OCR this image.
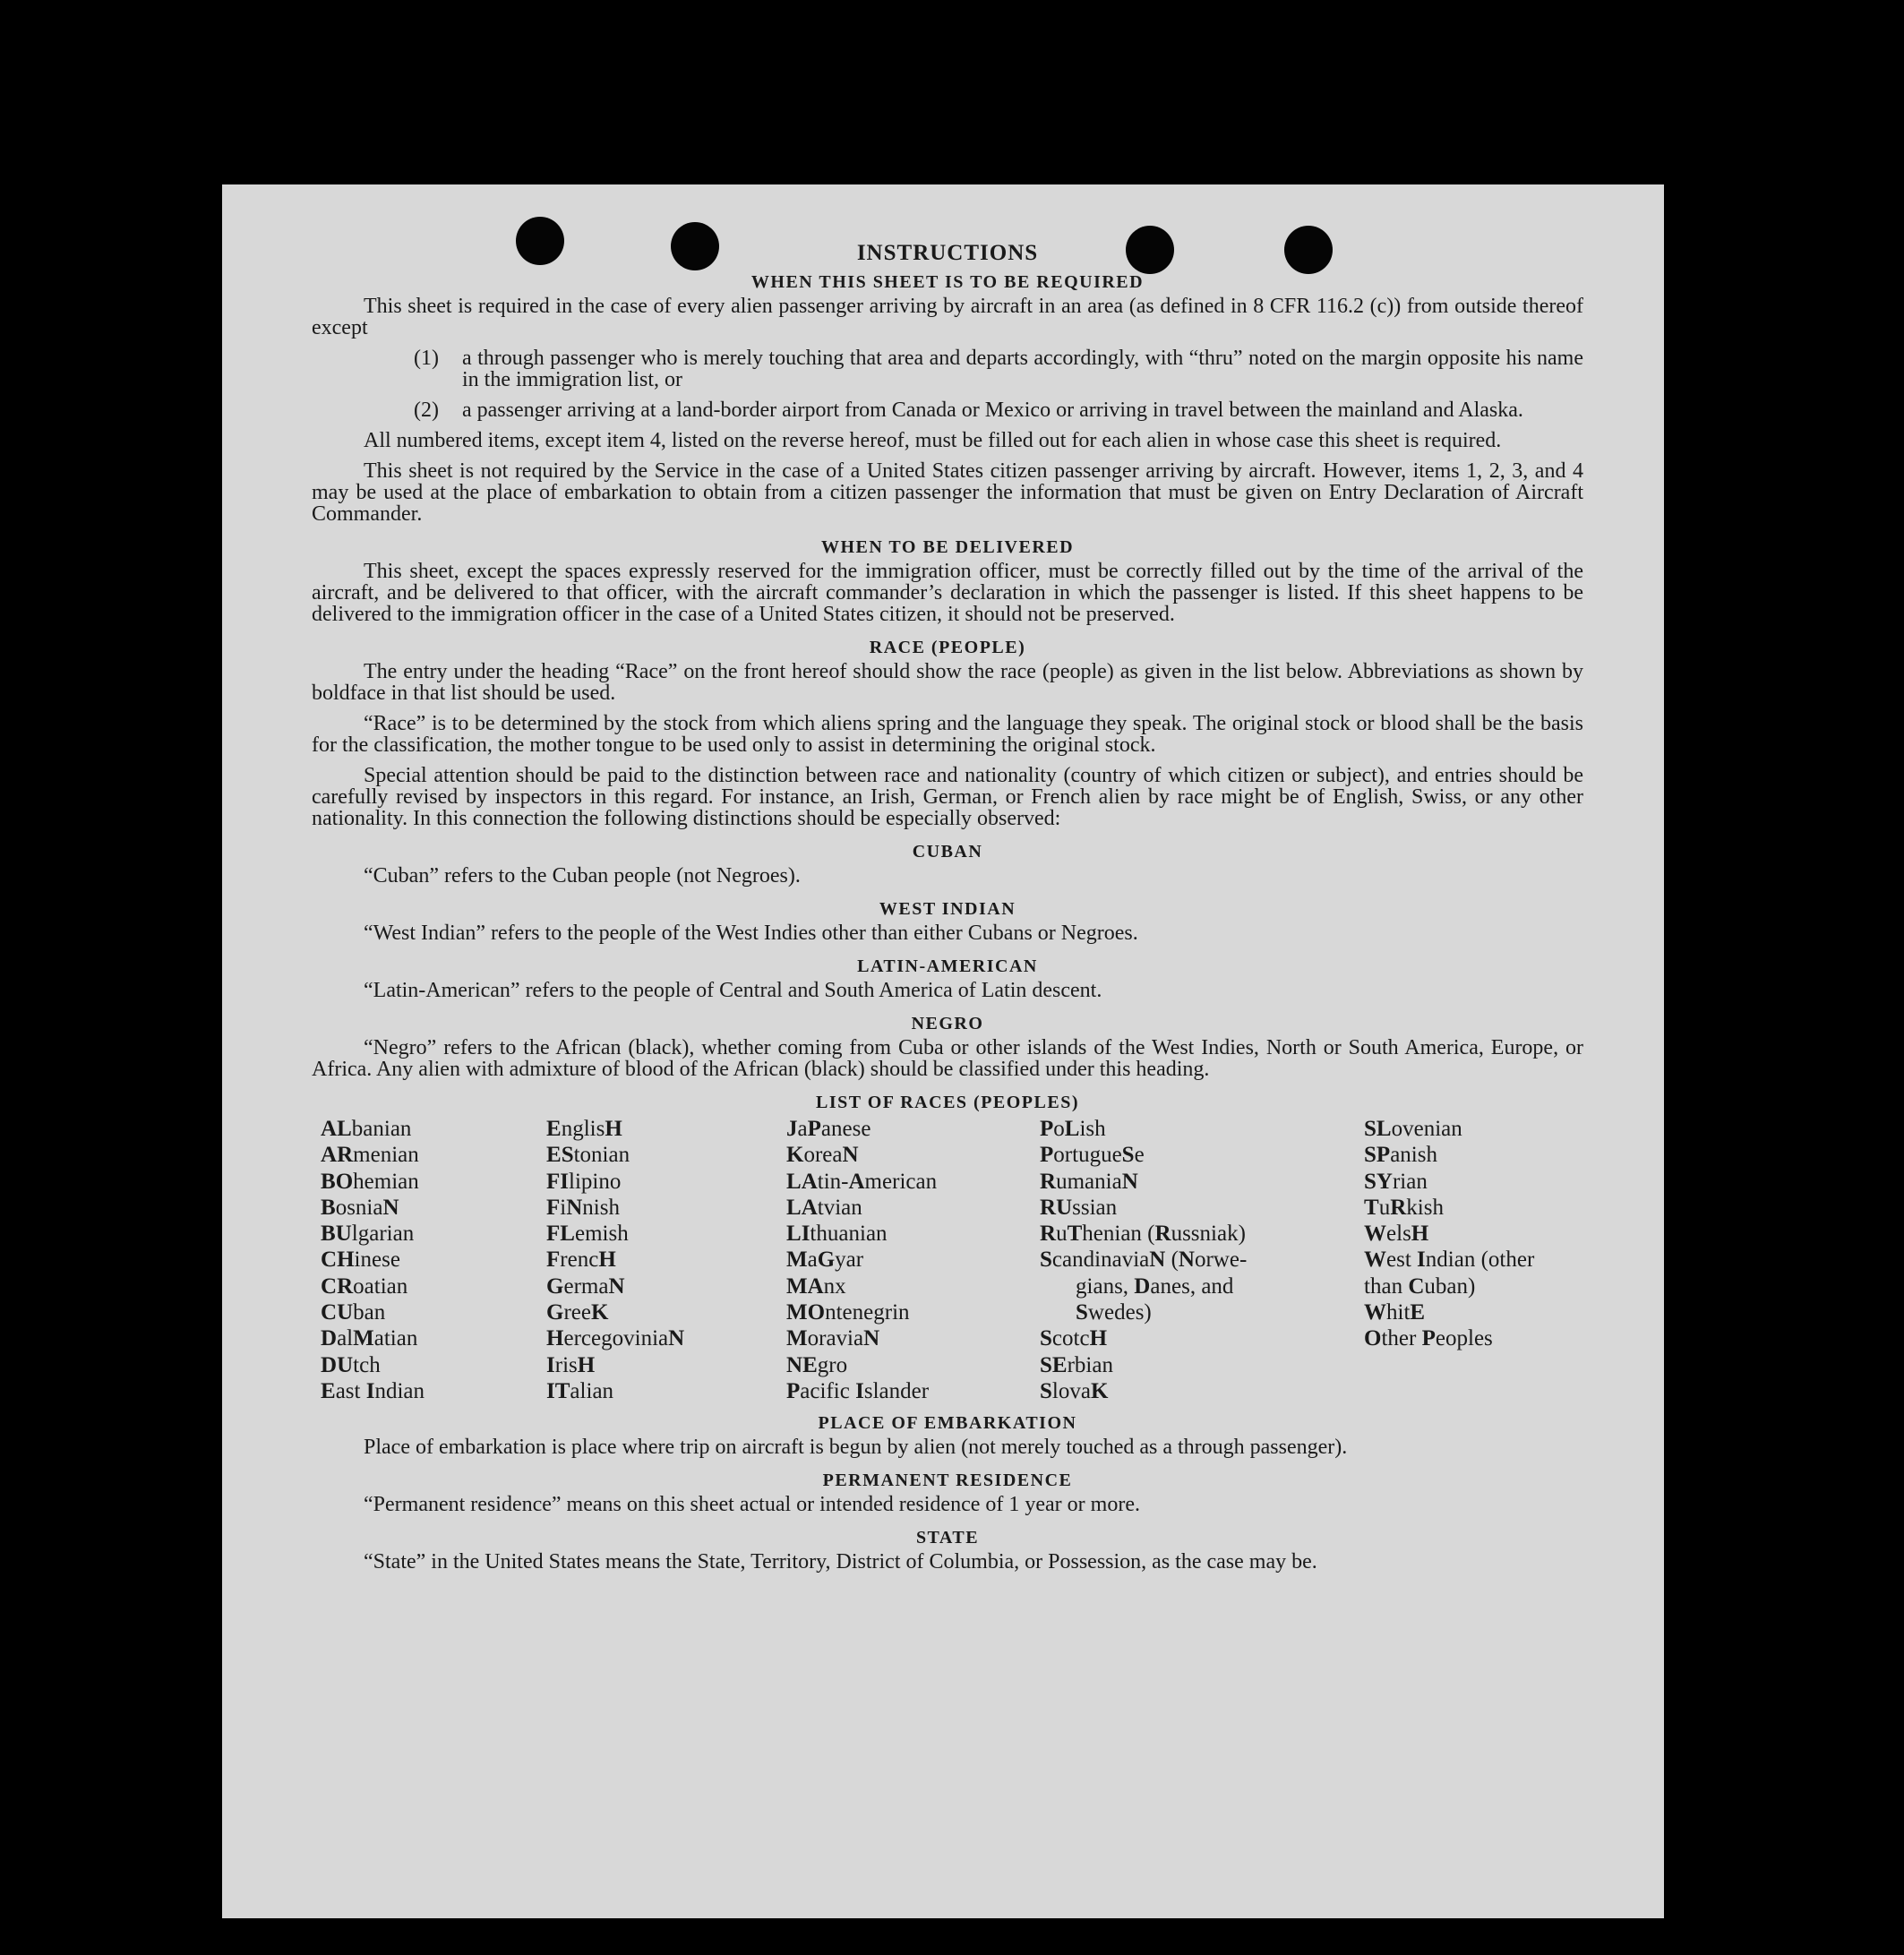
INSTRUCTIONS
WHEN THIS SHEET IS TO BE REQUIRED
This sheet is required in the case of every alien passenger arriving by aircraft in an area (as defined in 8 CFR 116.2 (c)) from outside thereof except
(1)	a through passenger who is merely touching that area and departs accordingly, with “thru” noted on the margin opposite his name in the immigration list, or
(2)	a passenger arriving at a land-border airport from Canada or Mexico or arriving in travel between the mainland and Alaska.
All numbered items, except item 4, listed on the reverse hereof, must be filled out for each alien in whose case this sheet is required.
This sheet is not required by the Service in the case of a United States citizen passenger arriving by aircraft. However, items 1, 2, 3, and 4 may be used at the place of embarkation to obtain from a citizen passenger the information that must be given on Entry Declaration of Aircraft Commander.
WHEN TO BE DELIVERED
This sheet, except the spaces expressly reserved for the immigration officer, must be correctly filled out by the time of the arrival of the aircraft, and be delivered to that officer, with the aircraft commander’s declaration in which the passenger is listed. If this sheet happens to be delivered to the immigration officer in the case of a United States citizen, it should not be preserved.
RACE (PEOPLE)
The entry under the heading “Race” on the front hereof should show the race (people) as given in the list below. Abbreviations as shown by boldface in that list should be used.
“Race” is to be determined by the stock from which aliens spring and the language they speak. The original stock or blood shall be the basis for the classification, the mother tongue to be used only to assist in determining the original stock.
Special attention should be paid to the distinction between race and nationality (country of which citizen or subject), and entries should be carefully revised by inspectors in this regard. For instance, an Irish, German, or French alien by race might be of English, Swiss, or any other nationality. In this connection the following distinctions should be especially observed:
CUBAN
“Cuban” refers to the Cuban people (not Negroes).
WEST INDIAN
“West Indian” refers to the people of the West Indies other than either Cubans or Negroes.
LATIN-AMERICAN
“Latin-American” refers to the people of Central and South America of Latin descent.
NEGRO
“Negro” refers to the African (black), whether coming from Cuba or other islands of the West Indies, North or South America, Europe, or Africa. Any alien with admixture of blood of the African (black) should be classified under this heading.
LIST OF RACES (PEOPLES)
ALbanian
ARmenian
BOhemian
BosniaN
BUlgarian
CHinese
CRoatian
CUban
DalMatian
DUtch
East Indian
EnglisH
EStonian
FIlipino
FiNnish
FLemish
FrencH
GermaN
GreeK
HercegoviniaN
IrisH
ITalian
JaPanese
KoreaN
LAtin-American
LAtvian
LIthuanian
MaGyar
MAnx
MOntenegrin
MoraviaN
NEgro
Pacific Islander
PoLish
PortugueSe
RumaniaN
RUssian
RuThenian (Russniak)
ScandinaviaN (Norwe-
gians, Danes, and
Swedes)
ScotcH
SErbian
SlovaK
SLovenian
SPanish
SYrian
TuRkish
WelsH
West Indian (other
than Cuban)
WhitE
Other Peoples
PLACE OF EMBARKATION
Place of embarkation is place where trip on aircraft is begun by alien (not merely touched as a through passenger).
PERMANENT RESIDENCE
“Permanent residence” means on this sheet actual or intended residence of 1 year or more.
STATE
“State” in the United States means the State, Territory, District of Columbia, or Possession, as the case may be.
